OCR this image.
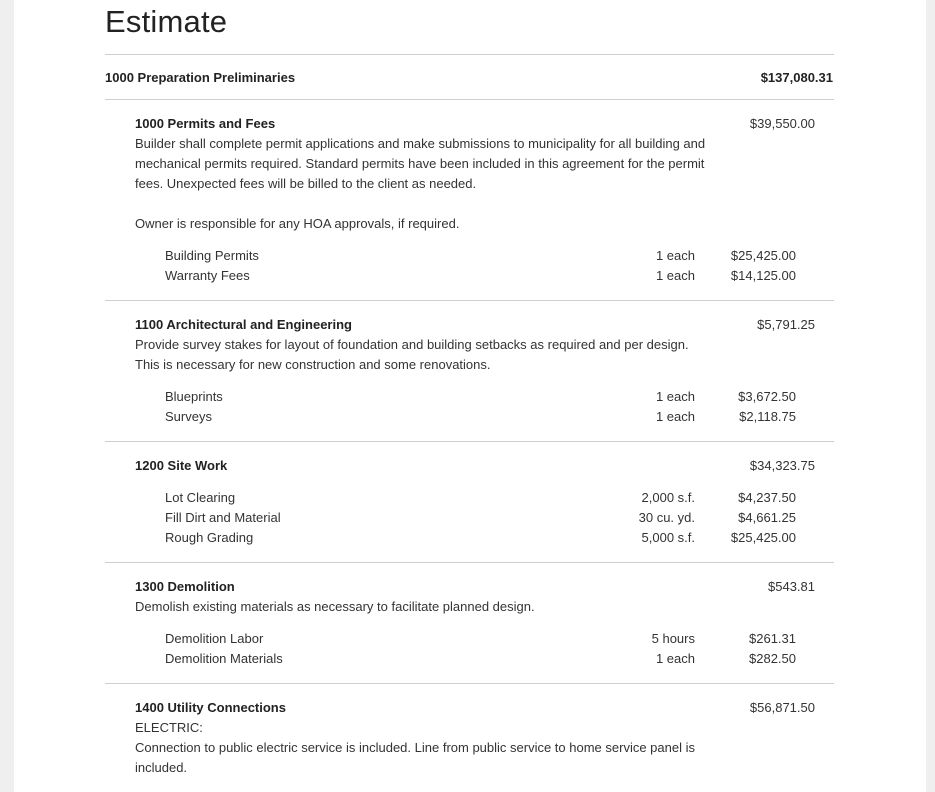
Estimate
1000 Preparation Preliminaries	$137,080.31
1000 Permits and Fees	$39,550.00

Builder shall complete permit applications and make submissions to municipality for all building and mechanical permits required. Standard permits have been included in this agreement for the permit fees. Unexpected fees will be billed to the client as needed.

Owner is responsible for any HOA approvals, if required.

Building Permits	1 each	$25,425.00
Warranty Fees	1 each	$14,125.00
1100 Architectural and Engineering	$5,791.25

Provide survey stakes for layout of foundation and building setbacks as required and per design. This is necessary for new construction and some renovations.

Blueprints	1 each	$3,672.50
Surveys	1 each	$2,118.75
1200 Site Work	$34,323.75
Lot Clearing	2,000 s.f.	$4,237.50
Fill Dirt and Material	30 cu. yd.	$4,661.25
Rough Grading	5,000 s.f.	$25,425.00
1300 Demolition	$543.81

Demolish existing materials as necessary to facilitate planned design.

Demolition Labor	5 hours	$261.31
Demolition Materials	1 each	$282.50
1400 Utility Connections	$56,871.50

ELECTRIC:

Connection to public electric service is included. Line from public service to home service panel is included.
